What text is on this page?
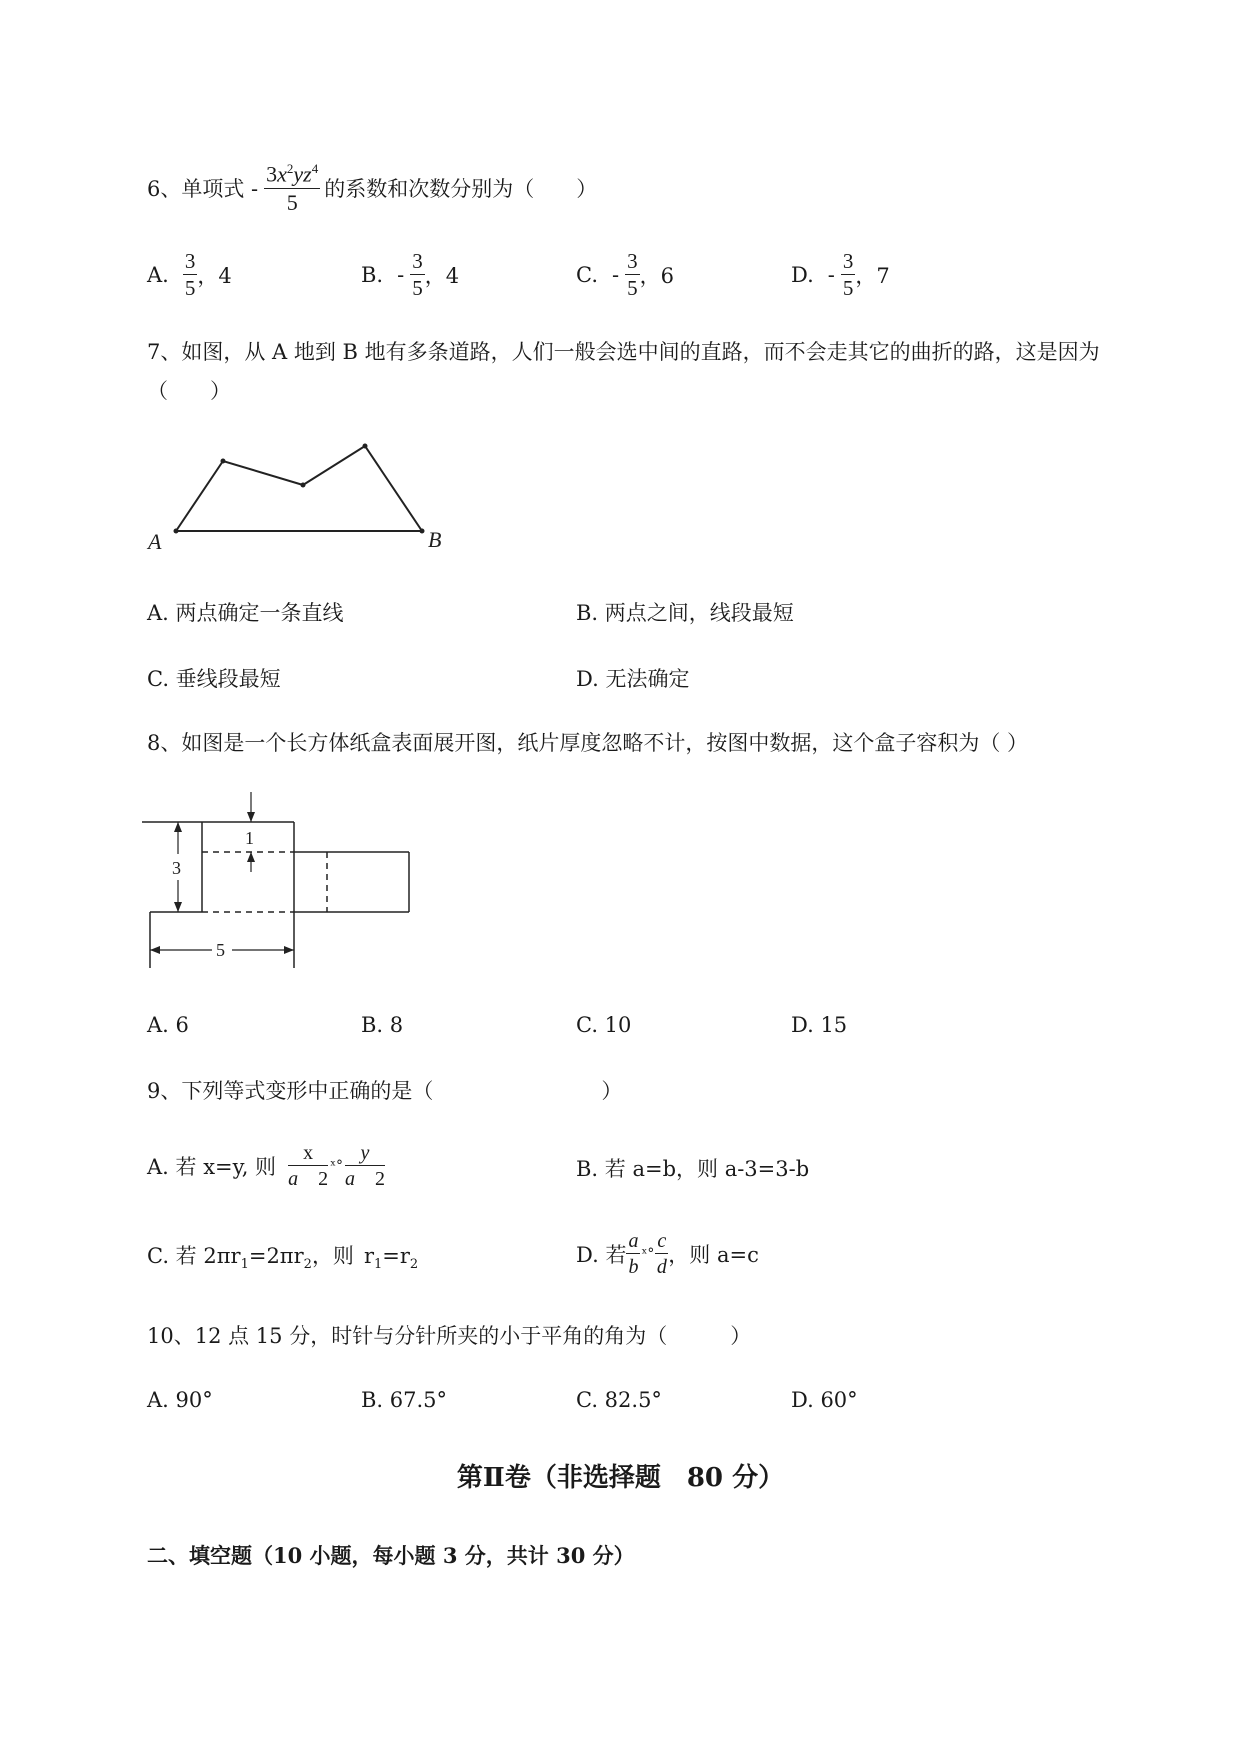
6、单项式 - $\frac{3x^2yz^4}{5}$ 的系数和次数分别为（　　）
A. $\frac{3}{5}$ ，4	B. - $\frac{3}{5}$ ，4	C. - $\frac{3}{5}$ ，6	D. - $\frac{3}{5}$ ，7
7、如图，从 A 地到 B 地有多条道路，人们一般会选中间的直路，而不会走其它的曲折的路，这是因为
（　　）
A	B
A. 两点确定一条直线	B. 两点之间，线段最短
C. 垂线段最短	D. 无法确定
8、如图是一个长方体纸盒表面展开图，纸片厚度忽略不计，按图中数据，这个盒子容积为（ ）
1
3
5
A. 6	B. 8	C. 10	D. 15
9、下列等式变形中正确的是（　　　　　　　　）
A. 若 x=y, 则 $\frac{x}{a 2}$ ˣ° $\frac{y}{a 2}$	B. 若 a=b，则 a-3=3-b
C. 若 $2\pi r_1=2\pi r_2$，则 $r_1=r_2$	D. 若 $\frac{a}{b}$ ˣ° $\frac{c}{d}$ ，则 a=c
10、12 点 15 分，时针与分针所夹的小于平角的角为（　　　）
A. 90°	B. 67.5°	C. 82.5°	D. 60°
第Ⅱ卷（非选择题　80 分）
二、填空题（10 小题，每小题 3 分，共计 30 分）
